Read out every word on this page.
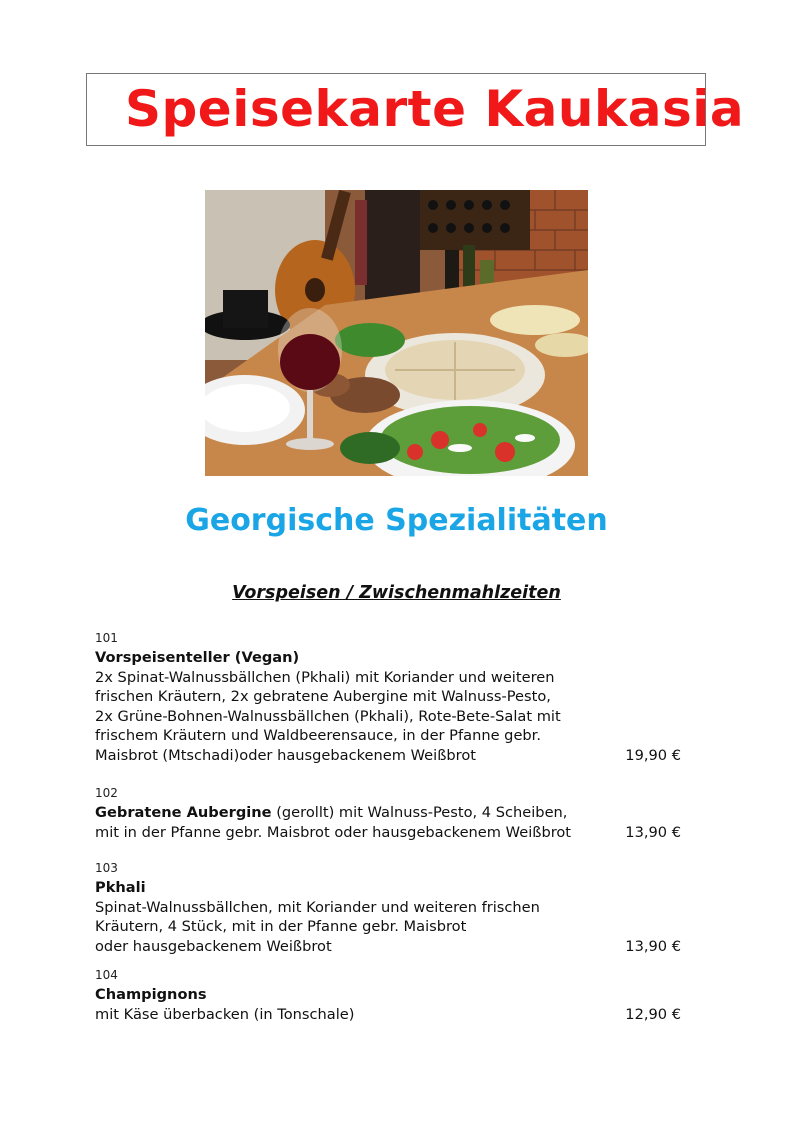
Speisekarte Kaukasia
Georgische Spezialitäten
Vorspeisen / Zwischenmahlzeiten
101
Vorspeisenteller (Vegan)
2x Spinat-Walnussbällchen (Pkhali) mit Koriander und weiteren
frischen Kräutern, 2x gebratene Aubergine mit Walnuss-Pesto,
2x Grüne-Bohnen-Walnussbällchen (Pkhali), Rote-Bete-Salat mit
frischem Kräutern und Waldbeerensauce, in der Pfanne gebr.
Maisbrot (Mtschadi)oder hausgebackenem Weißbrot	19,90 €
102
Gebratene Aubergine (gerollt) mit Walnuss-Pesto, 4 Scheiben,
mit in der Pfanne gebr. Maisbrot oder hausgebackenem Weißbrot	13,90 €
103
Pkhali
Spinat-Walnussbällchen, mit Koriander und weiteren frischen
Kräutern, 4 Stück, mit in der Pfanne gebr. Maisbrot
oder hausgebackenem Weißbrot	13,90 €
104
Champignons
mit Käse überbacken (in Tonschale)	12,90 €
